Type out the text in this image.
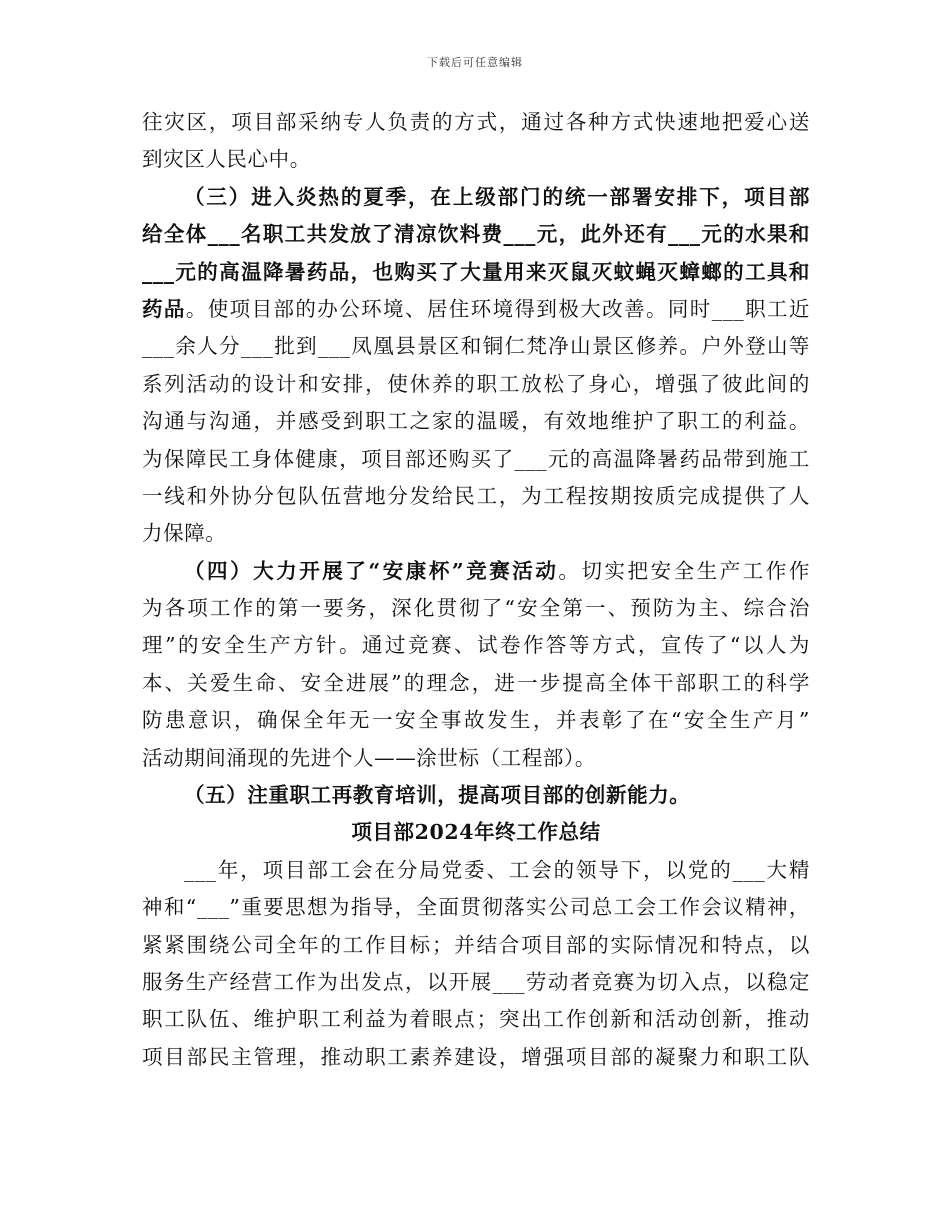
下载后可任意编辑
往灾区，项目部采纳专人负责的方式，通过各种方式快速地把爱心送
到灾区人民心中。
（三）进入炎热的夏季，在上级部门的统一部署安排下，项目部
给全体___名职工共发放了清凉饮料费___元，此外还有___元的水果和
___元的高温降暑药品，也购买了大量用来灭鼠灭蚊蝇灭蟑螂的工具和
药品。使项目部的办公环境、居住环境得到极大改善。同时___职工近
___余人分___批到___凤凰县景区和铜仁梵净山景区修养。户外登山等
系列活动的设计和安排，使休养的职工放松了身心，增强了彼此间的
沟通与沟通，并感受到职工之家的温暖，有效地维护了职工的利益。
为保障民工身体健康，项目部还购买了___元的高温降暑药品带到施工
一线和外协分包队伍营地分发给民工，为工程按期按质完成提供了人
力保障。
（四）大力开展了“安康杯”竞赛活动。切实把安全生产工作作
为各项工作的第一要务，深化贯彻了“安全第一、预防为主、综合治
理”的安全生产方针。通过竞赛、试卷作答等方式，宣传了“以人为
本、关爱生命、安全进展”的理念，进一步提高全体干部职工的科学
防患意识，确保全年无一安全事故发生，并表彰了在“安全生产月”
活动期间涌现的先进个人——涂世标（工程部）。
（五）注重职工再教育培训，提高项目部的创新能力。
项目部2024年终工作总结
___年，项目部工会在分局党委、工会的领导下，以党的___大精
神和“___”重要思想为指导，全面贯彻落实公司总工会工作会议精神，
紧紧围绕公司全年的工作目标；并结合项目部的实际情况和特点，以
服务生产经营工作为出发点，以开展___劳动者竞赛为切入点，以稳定
职工队伍、维护职工利益为着眼点；突出工作创新和活动创新，推动
项目部民主管理，推动职工素养建设，增强项目部的凝聚力和职工队
